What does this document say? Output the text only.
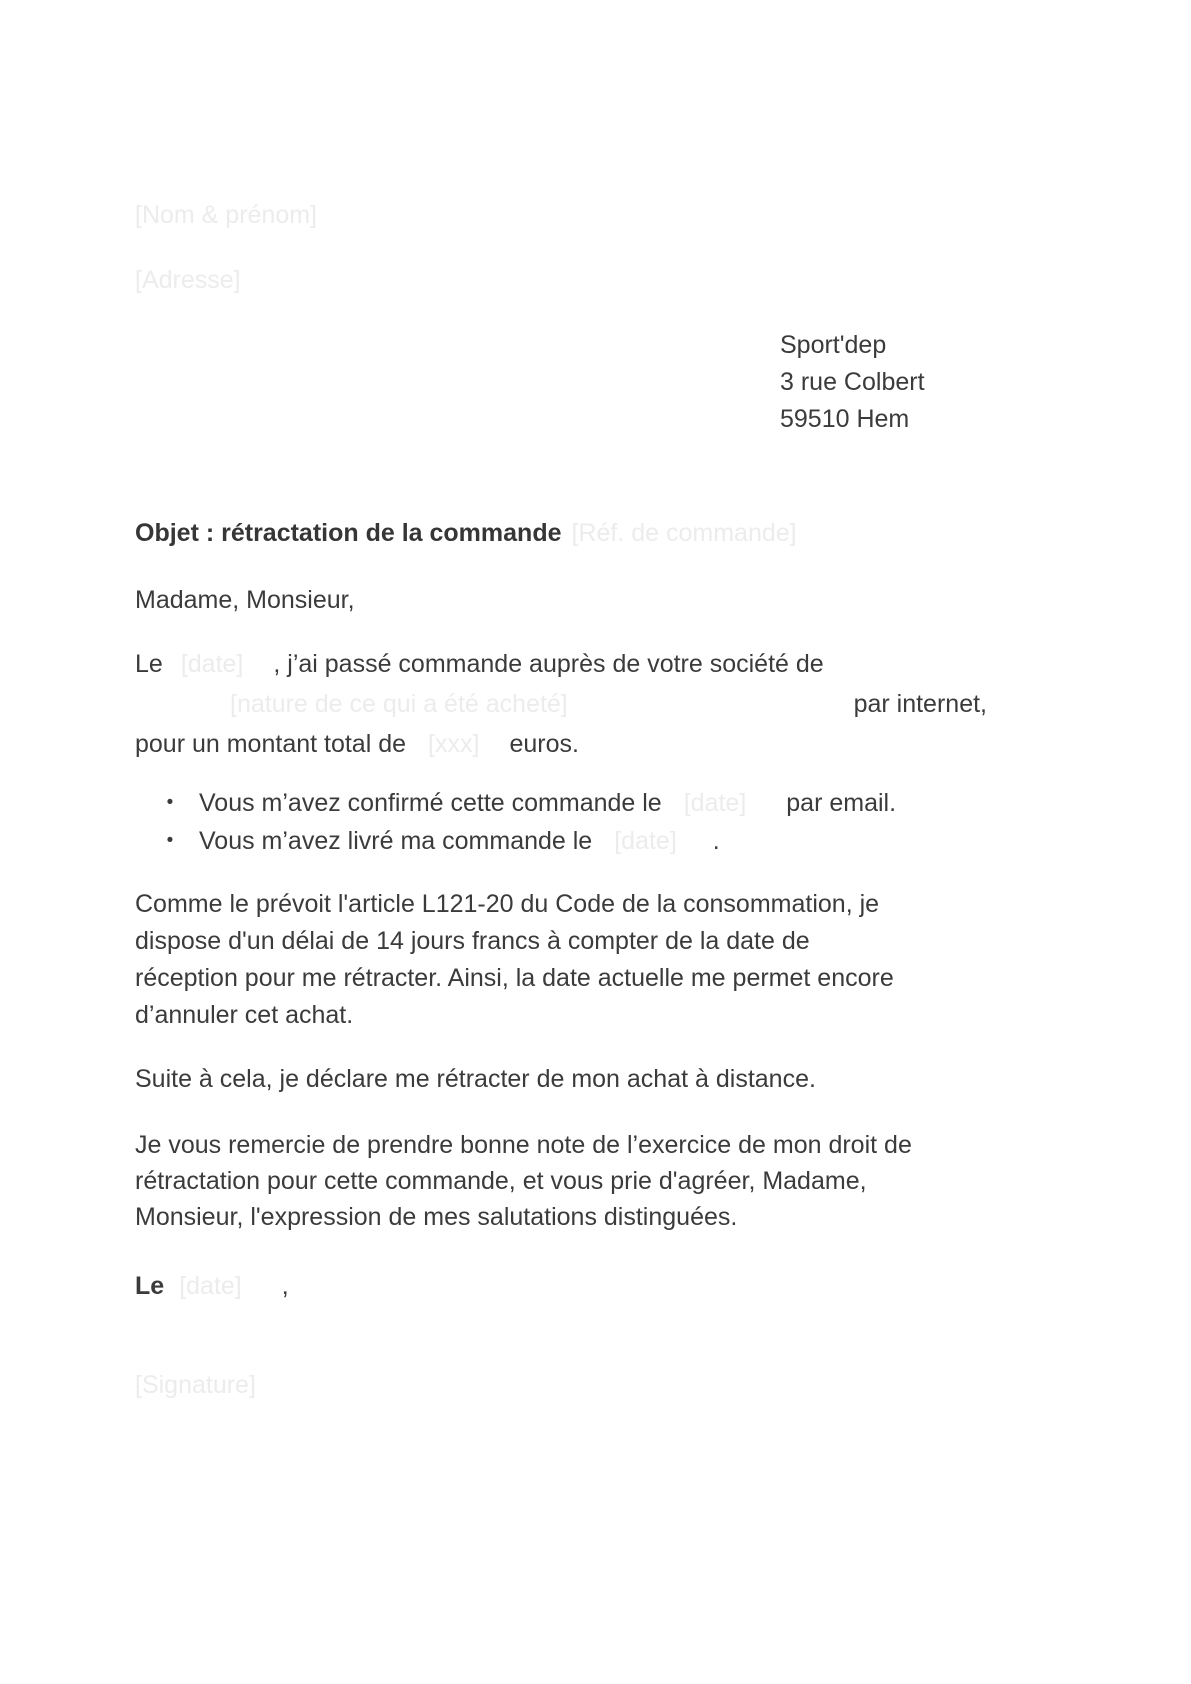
[Nom & prénom]
[Adresse]
Sport'dep
3 rue Colbert
59510 Hem
Objet : rétractation de la commande [Réf. de commande]
Madame, Monsieur,
Le [date] , j’ai passé commande auprès de votre société de
[nature de ce qui a été acheté]	par internet,
pour un montant total de [xxx] euros.
•	Vous m’avez confirmé cette commande le [date] par email.
•	Vous m’avez livré ma commande le [date] .
Comme le prévoit l'article L121-20 du Code de la consommation, je
dispose d'un délai de 14 jours francs à compter de la date de
réception pour me rétracter. Ainsi, la date actuelle me permet encore
d’annuler cet achat.
Suite à cela, je déclare me rétracter de mon achat à distance.
Je vous remercie de prendre bonne note de l’exercice de mon droit de
rétractation pour cette commande, et vous prie d'agréer, Madame,
Monsieur, l'expression de mes salutations distinguées.
Le [date] ,
[Signature]
